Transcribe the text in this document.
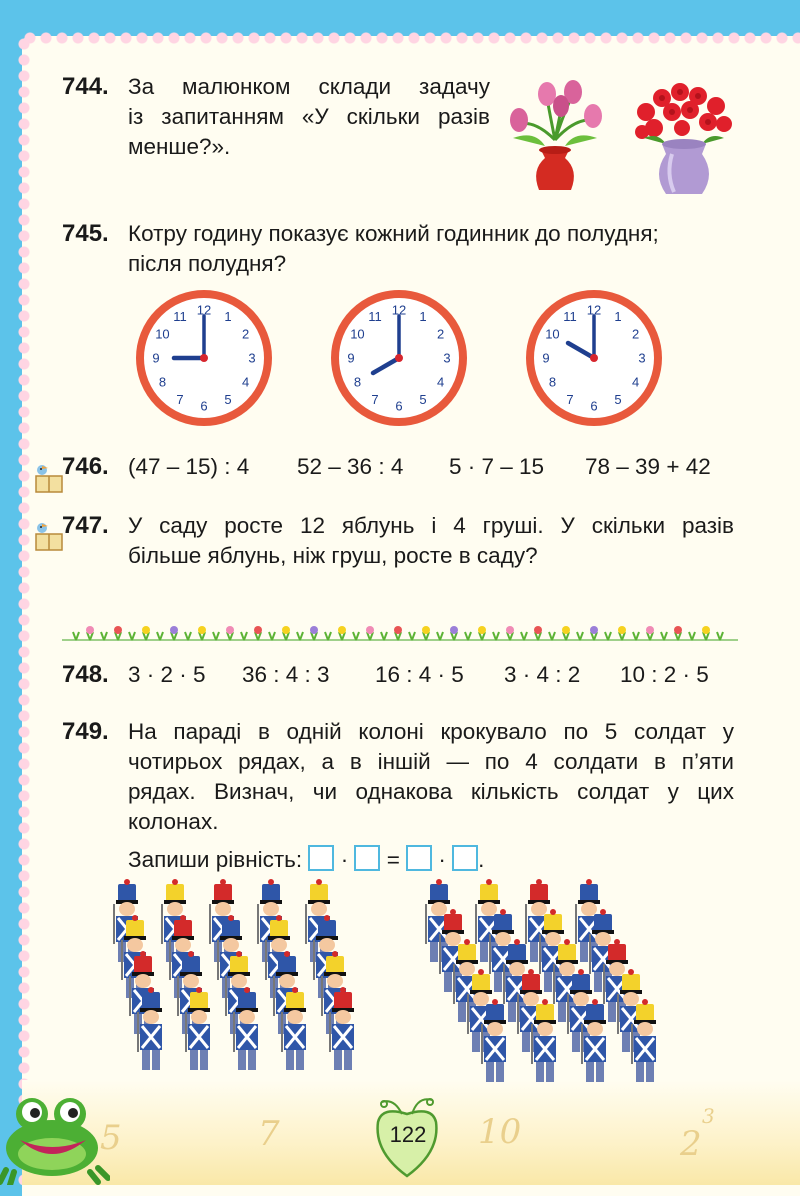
5	7	10	2
3
744. За малюнком склади задачу
із запитанням «У скільки разів
менше?».
745. Котру годину показує кожний годинник до полудня;
після полудня?
12 1
2
3
4
5
6
7
8
9
10
11	12 1
2
3
4
5
6
7
8
9
10
11	12 1
2
3
4
5
6
7
8
9
10
11
746. (47 – 15) : 4 52 – 36 : 4 5 · 7 – 15 78 – 39 + 42
747. У саду росте 12 яблунь і 4 груші. У скільки разів
більше яблунь, ніж груш, росте в саду?
748. 3 · 2 · 5 36 : 4 : 3 16 : 4 · 5 3 · 4 : 2 10 : 2 · 5
749. На параді в одній колоні крокувало по 5 солдат у
чотирьох рядах, а в іншій — по 4 солдати в п’яти
рядах. Визнач, чи однакова кількість солдат у цих
колонах.
Запиши рівність: · = · .
122
